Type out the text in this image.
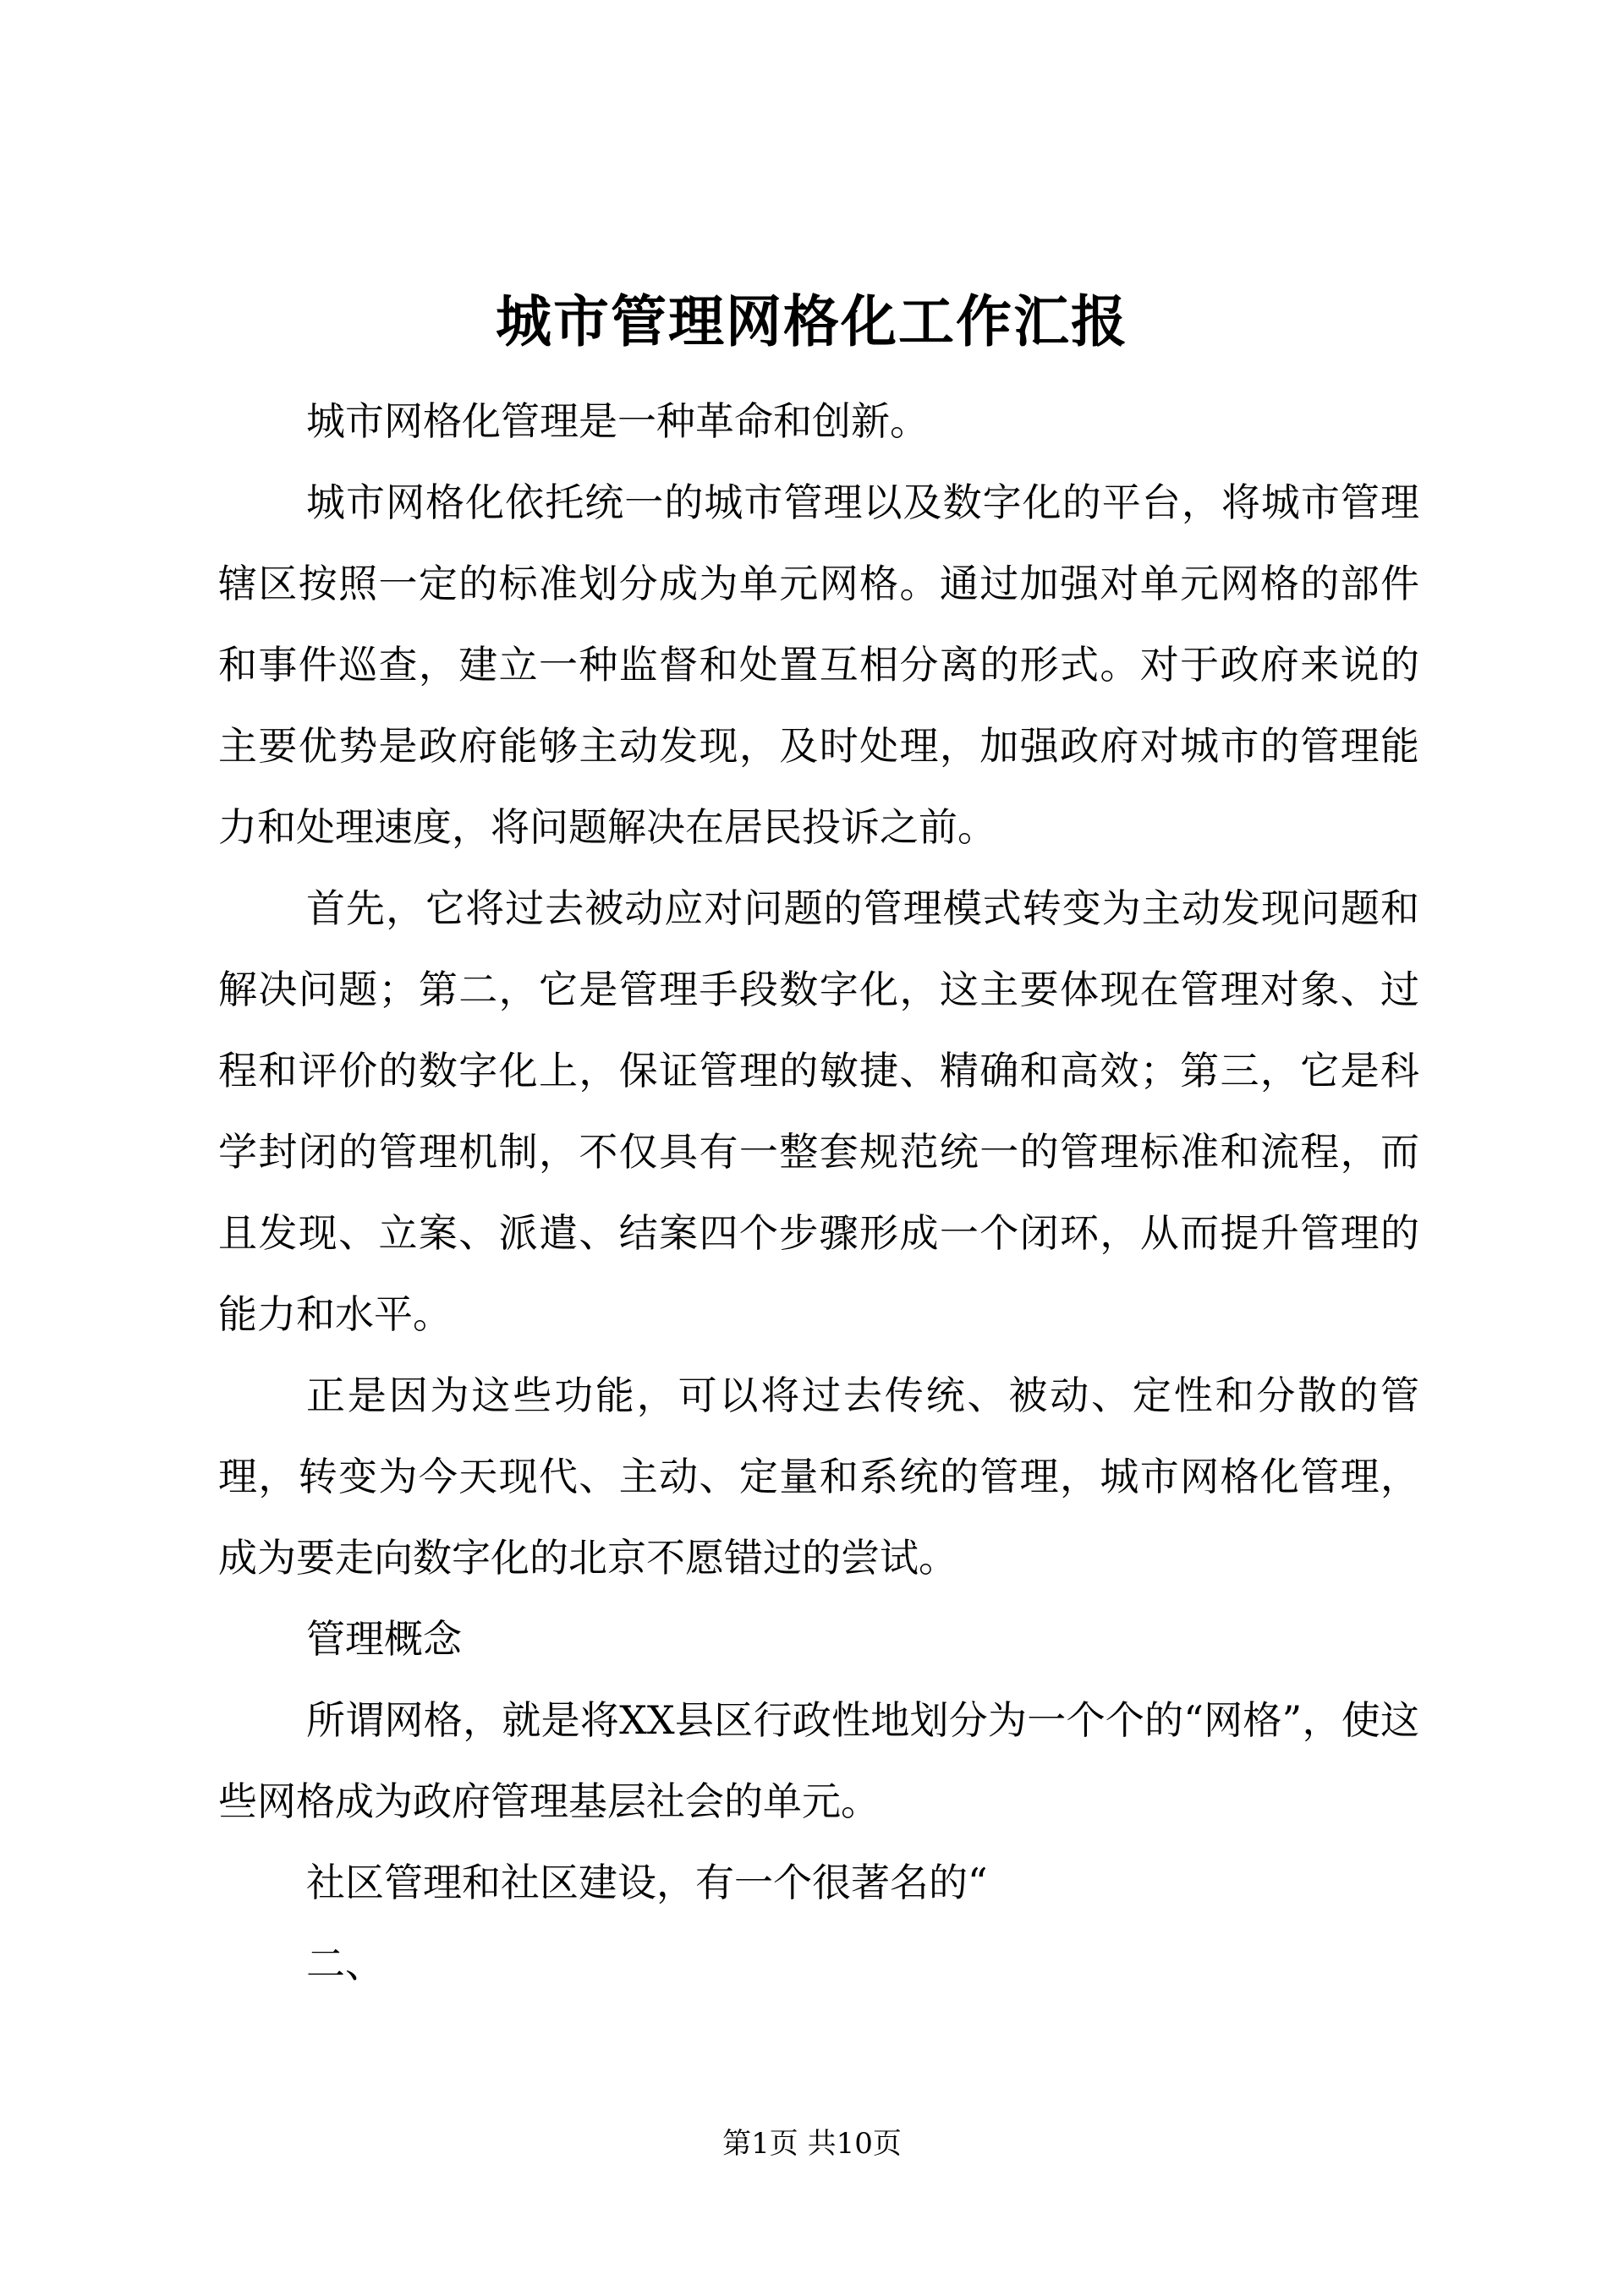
城市管理网格化工作汇报

城市网格化管理是一种革命和创新。

城市网格化依托统一的城市管理以及数字化的平台，将城市管理辖区按照一定的标准划分成为单元网格。通过加强对单元网格的部件和事件巡查，建立一种监督和处置互相分离的形式。对于政府来说的主要优势是政府能够主动发现，及时处理，加强政府对城市的管理能力和处理速度，将问题解决在居民投诉之前。

首先，它将过去被动应对问题的管理模式转变为主动发现问题和解决问题；第二，它是管理手段数字化，这主要体现在管理对象、过程和评价的数字化上，保证管理的敏捷、精确和高效；第三，它是科学封闭的管理机制，不仅具有一整套规范统一的管理标准和流程，而且发现、立案、派遣、结案四个步骤形成一个闭环，从而提升管理的能力和水平。

正是因为这些功能，可以将过去传统、被动、定性和分散的管理，转变为今天现代、主动、定量和系统的管理，城市网格化管理，成为要走向数字化的北京不愿错过的尝试。

管理概念

所谓网格，就是将XX县区行政性地划分为一个个的“网格”，使这些网格成为政府管理基层社会的单元。

社区管理和社区建设，有一个很著名的“

二、

第1页 共10页
